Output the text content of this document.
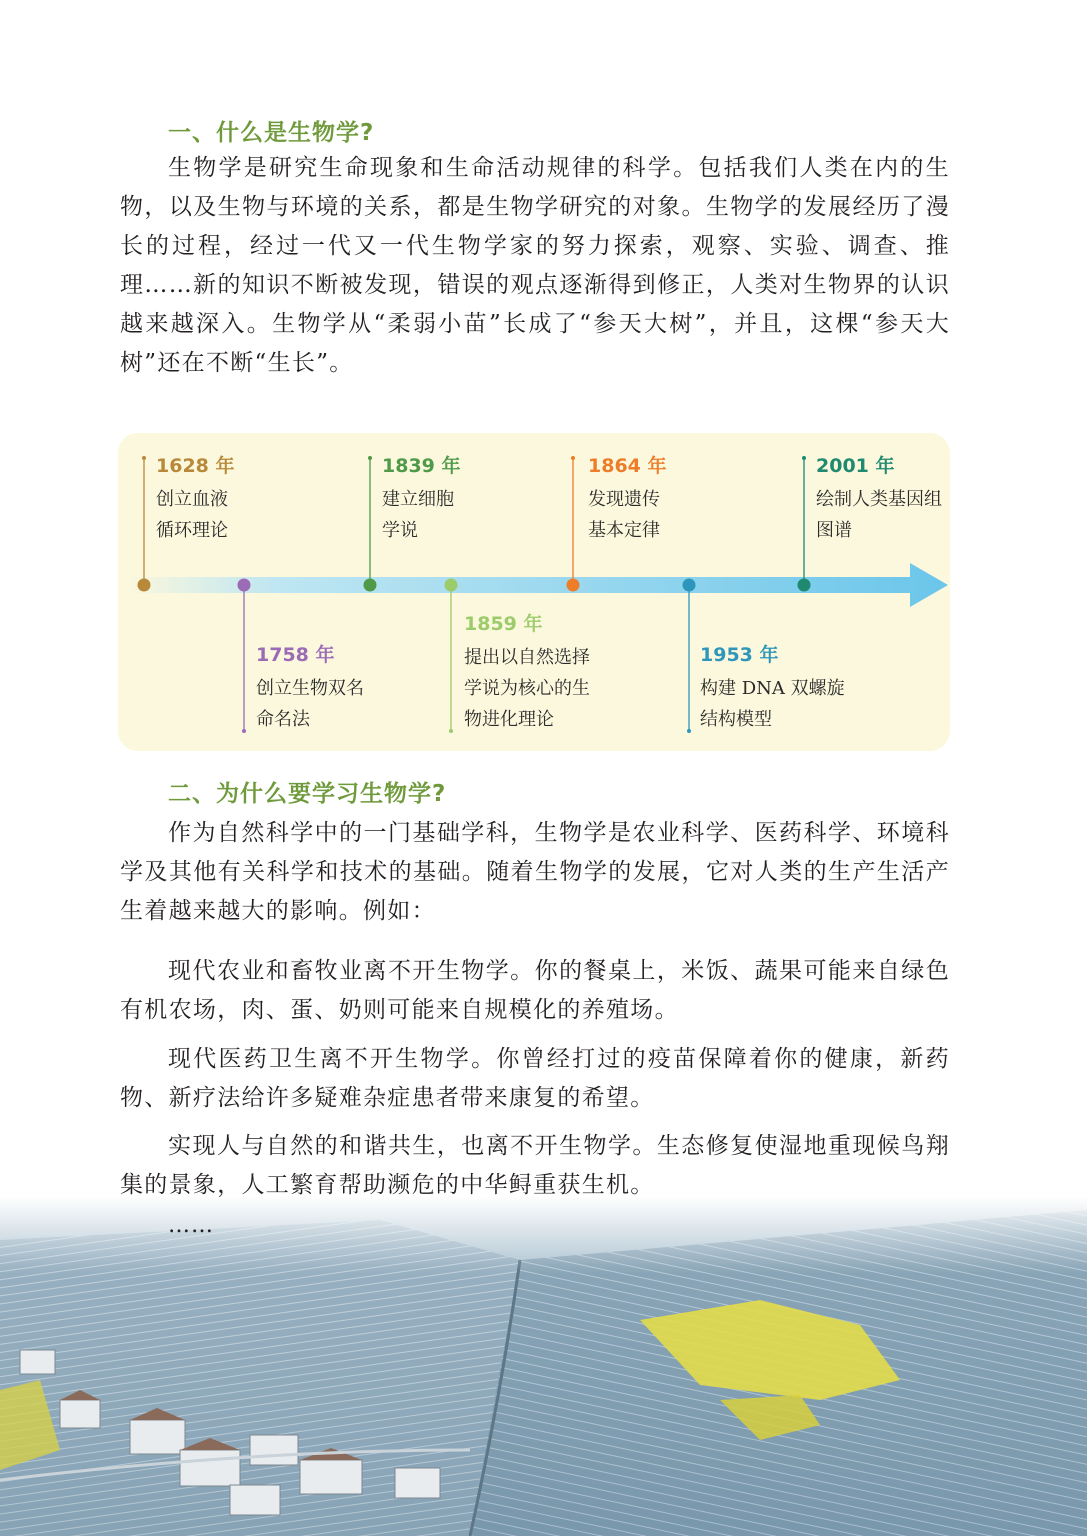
一、什么是生物学?

生物学是研究生命现象和生命活动规律的科学。包括我们人类在内的生物，以及生物与环境的关系，都是生物学研究的对象。生物学的发展经历了漫长的过程，经过一代又一代生物学家的努力探索，观察、实验、调查、推理……新的知识不断被发现，错误的观点逐渐得到修正，人类对生物界的认识越来越深入。生物学从“柔弱小苗”长成了“参天大树”，并且，这棵“参天大树”还在不断“生长”。

1628 年
创立血液
循环理论
1839 年
建立细胞
学说
1864 年
发现遗传
基本定律
2001 年
绘制人类基因组
图谱
1758 年
创立生物双名
命名法
1859 年
提出以自然选择
学说为核心的生
物进化理论
1953 年
构建 DNA 双螺旋
结构模型
二、为什么要学习生物学?

作为自然科学中的一门基础学科，生物学是农业科学、医药科学、环境科学及其他有关科学和技术的基础。随着生物学的发展，它对人类的生产生活产生着越来越大的影响。例如：

现代农业和畜牧业离不开生物学。你的餐桌上，米饭、蔬果可能来自绿色有机农场，肉、蛋、奶则可能来自规模化的养殖场。

现代医药卫生离不开生物学。你曾经打过的疫苗保障着你的健康，新药物、新疗法给许多疑难杂症患者带来康复的希望。

实现人与自然的和谐共生，也离不开生物学。生态修复使湿地重现候鸟翔集的景象，人工繁育帮助濒危的中华鲟重获生机。

……
